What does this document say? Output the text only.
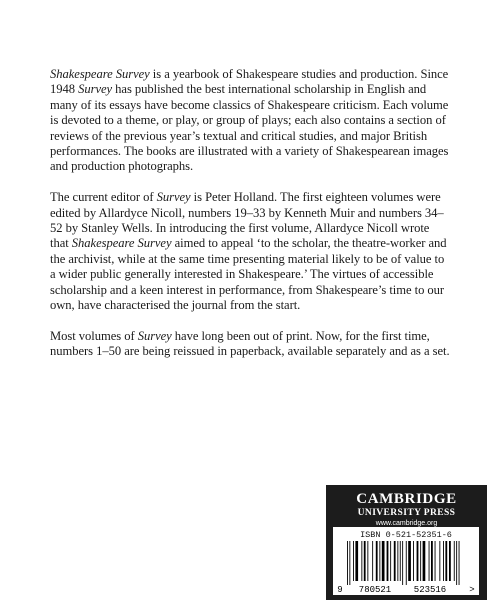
Shakespeare Survey is a yearbook of Shakespeare studies and production. Since 1948 Survey has published the best international scholarship in English and many of its essays have become classics of Shakespeare criticism. Each volume is devoted to a theme, or play, or group of plays; each also contains a section of reviews of the previous year’s textual and critical studies, and major British performances. The books are illustrated with a variety of Shakespearean images and production photographs.

The current editor of Survey is Peter Holland. The first eighteen volumes were edited by Allardyce Nicoll, numbers 19–33 by Kenneth Muir and numbers 34–52 by Stanley Wells. In introducing the first volume, Allardyce Nicoll wrote that Shakespeare Survey aimed to appeal ‘to the scholar, the theatre-worker and the archivist, while at the same time presenting material likely to be of value to a wider public generally interested in Shakespeare.’ The virtues of accessible scholarship and a keen interest in performance, from Shakespeare’s time to our own, have characterised the journal from the start.

Most volumes of Survey have long been out of print. Now, for the first time, numbers 1–50 are being reissued in paperback, available separately and as a set.

CAMBRIDGE
UNIVERSITY PRESS
www.cambridge.org
ISBN 0-521-52351-6
9 780521	523516	>
